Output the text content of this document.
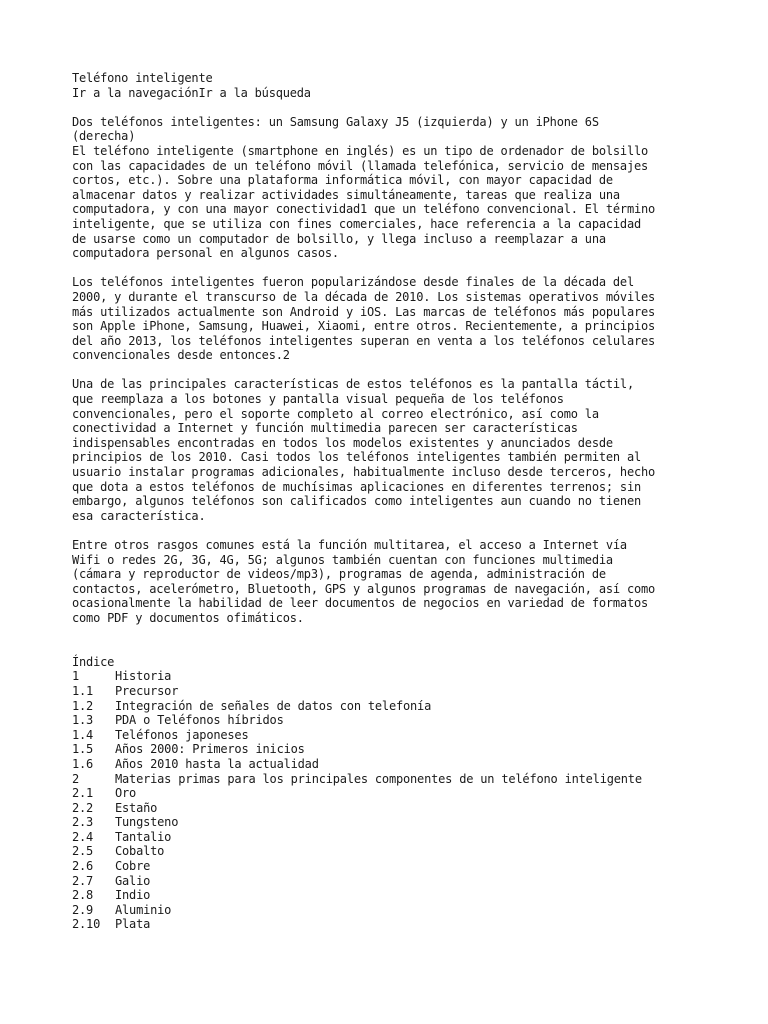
Teléfono inteligente
Ir a la navegaciónIr a la búsqueda
Dos teléfonos inteligentes: un Samsung Galaxy J5 (izquierda) y un iPhone 6S
(derecha)
El teléfono inteligente (smartphone en inglés) es un tipo de ordenador de bolsillo
con las capacidades de un teléfono móvil (llamada telefónica, servicio de mensajes
cortos, etc.). Sobre una plataforma informática móvil, con mayor capacidad de
almacenar datos y realizar actividades simultáneamente, tareas que realiza una
computadora, y con una mayor conectividad1 que un teléfono convencional. El término
inteligente, que se utiliza con fines comerciales, hace referencia a la capacidad
de usarse como un computador de bolsillo, y llega incluso a reemplazar a una
computadora personal en algunos casos.
Los teléfonos inteligentes fueron popularizándose desde finales de la década del
2000, y durante el transcurso de la década de 2010. Los sistemas operativos móviles
más utilizados actualmente son Android y iOS. Las marcas de teléfonos más populares
son Apple iPhone, Samsung, Huawei, Xiaomi, entre otros. Recientemente, a principios
del año 2013, los teléfonos inteligentes superan en venta a los teléfonos celulares
convencionales desde entonces.2
Una de las principales características de estos teléfonos es la pantalla táctil,
que reemplaza a los botones y pantalla visual pequeña de los teléfonos
convencionales, pero el soporte completo al correo electrónico, así como la
conectividad a Internet y función multimedia parecen ser características
indispensables encontradas en todos los modelos existentes y anunciados desde
principios de los 2010. Casi todos los teléfonos inteligentes también permiten al
usuario instalar programas adicionales, habitualmente incluso desde terceros, hecho
que dota a estos teléfonos de muchísimas aplicaciones en diferentes terrenos; sin
embargo, algunos teléfonos son calificados como inteligentes aun cuando no tienen
esa característica.
Entre otros rasgos comunes está la función multitarea, el acceso a Internet vía
Wifi o redes 2G, 3G, 4G, 5G; algunos también cuentan con funciones multimedia
(cámara y reproductor de videos/mp3), programas de agenda, administración de
contactos, acelerómetro, Bluetooth, GPS y algunos programas de navegación, así como
ocasionalmente la habilidad de leer documentos de negocios en variedad de formatos
como PDF y documentos ofimáticos.
Índice
1	Historia
1.1	Precursor
1.2	Integración de señales de datos con telefonía
1.3	PDA o Teléfonos híbridos
1.4	Teléfonos japoneses
1.5	Años 2000: Primeros inicios
1.6	Años 2010 hasta la actualidad
2	Materias primas para los principales componentes de un teléfono inteligente
2.1	Oro
2.2	Estaño
2.3	Tungsteno
2.4	Tantalio
2.5	Cobalto
2.6	Cobre
2.7	Galio
2.8	Indio
2.9	Aluminio
2.10	Plata
